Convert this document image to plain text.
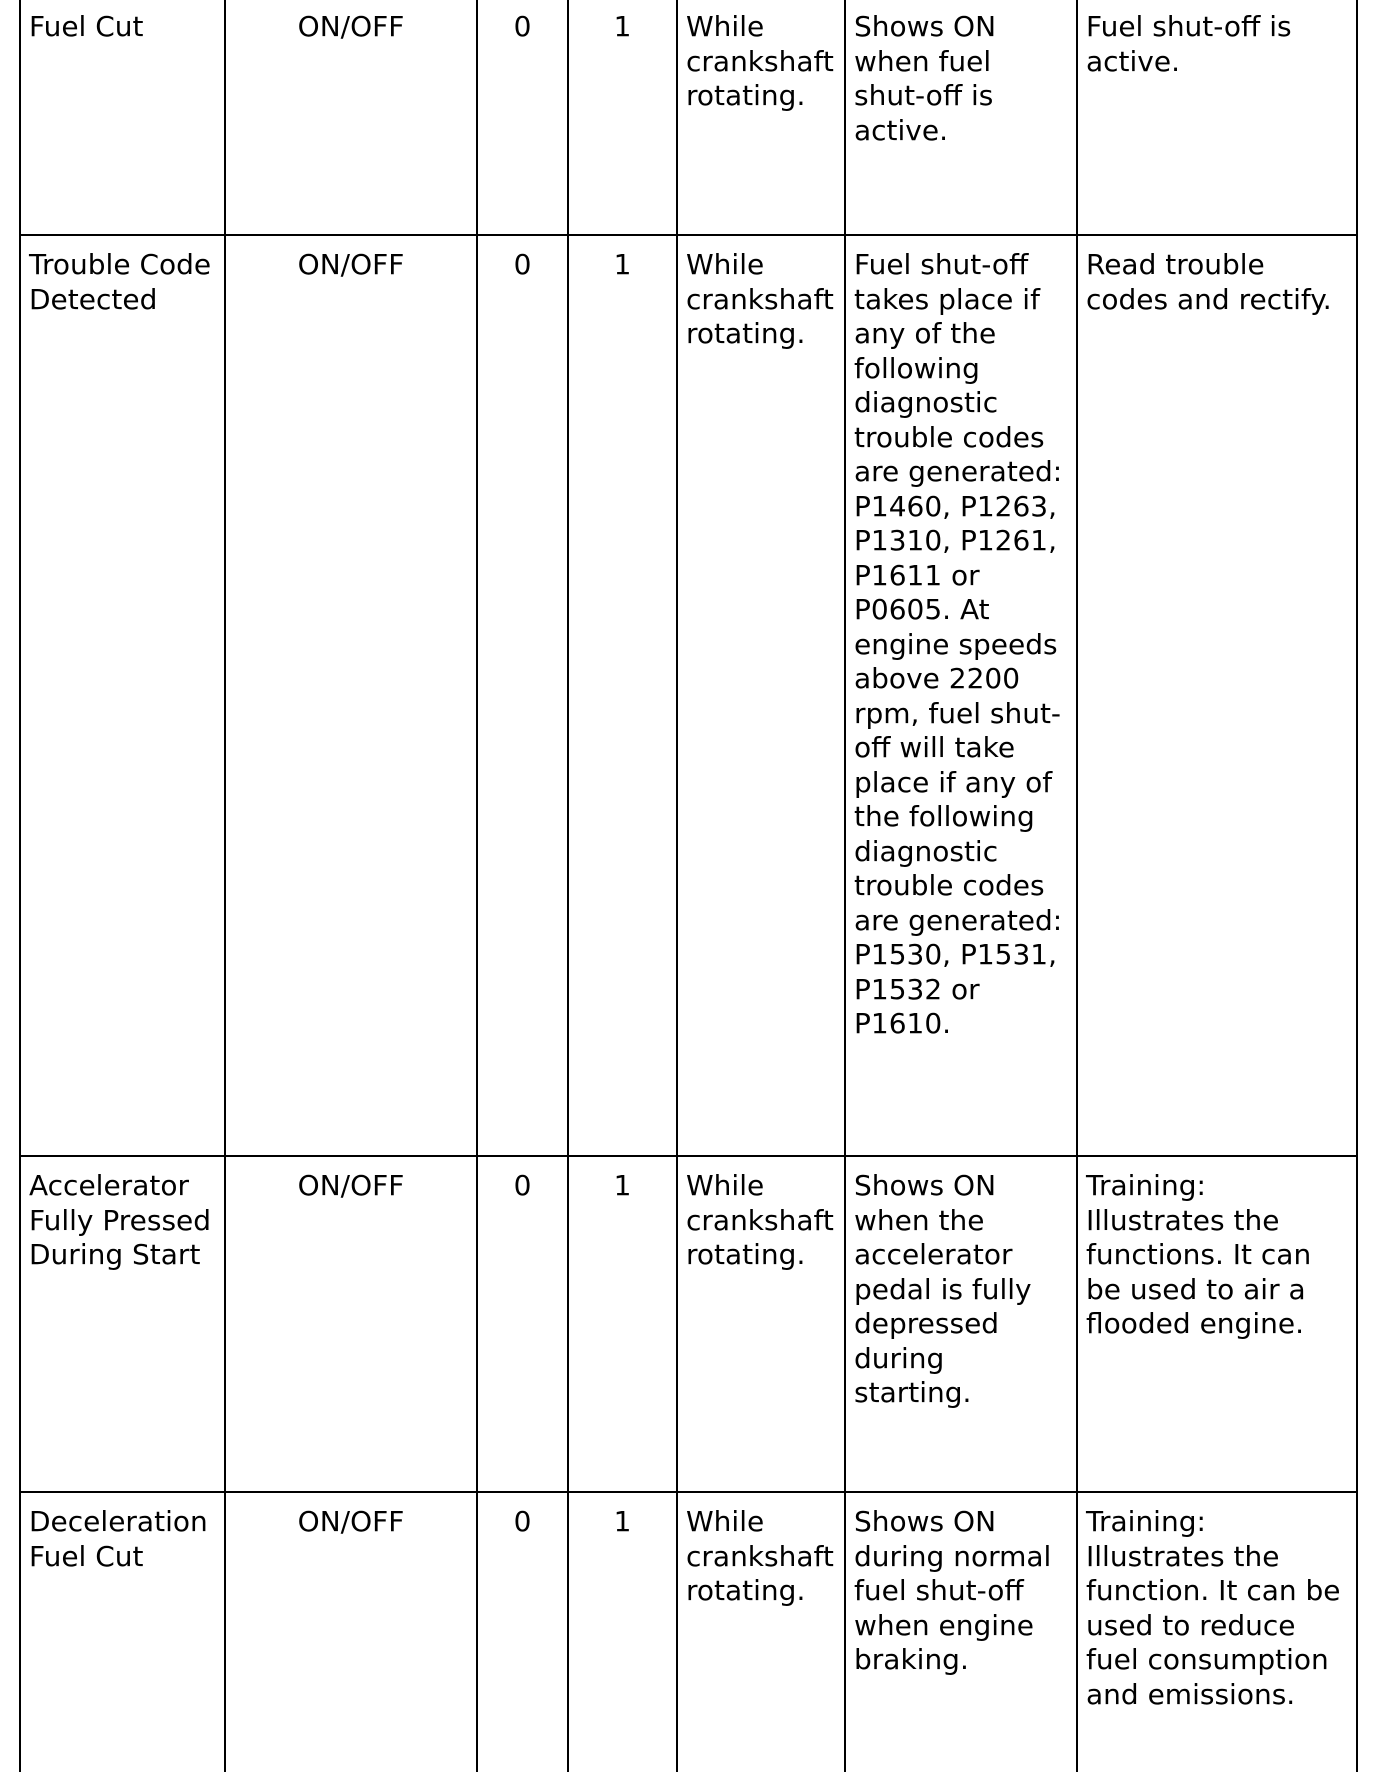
Fuel Cut	ON/OFF	0	1	While crankshaft rotating.	Shows ON when fuel shut-off is active.	Fuel shut-off is active.

Trouble Code Detected	ON/OFF	0	1	While crankshaft rotating.	Fuel shut-off takes place if any of the following diagnostic trouble codes are generated: P1460, P1263, P1310, P1261, P1611 or P0605. At engine speeds above 2200 rpm, fuel shut-off will take place if any of the following diagnostic trouble codes are generated: P1530, P1531, P1532 or P1610.	Read trouble codes and rectify.

Accelerator Fully Pressed During Start	ON/OFF	0	1	While crankshaft rotating.	Shows ON when the accelerator pedal is fully depressed during starting.	Training: Illustrates the functions. It can be used to air a flooded engine.

Deceleration Fuel Cut	ON/OFF	0	1	While crankshaft rotating.	Shows ON during normal fuel shut-off when engine braking.	Training: Illustrates the function. It can be used to reduce fuel consumption and emissions.
